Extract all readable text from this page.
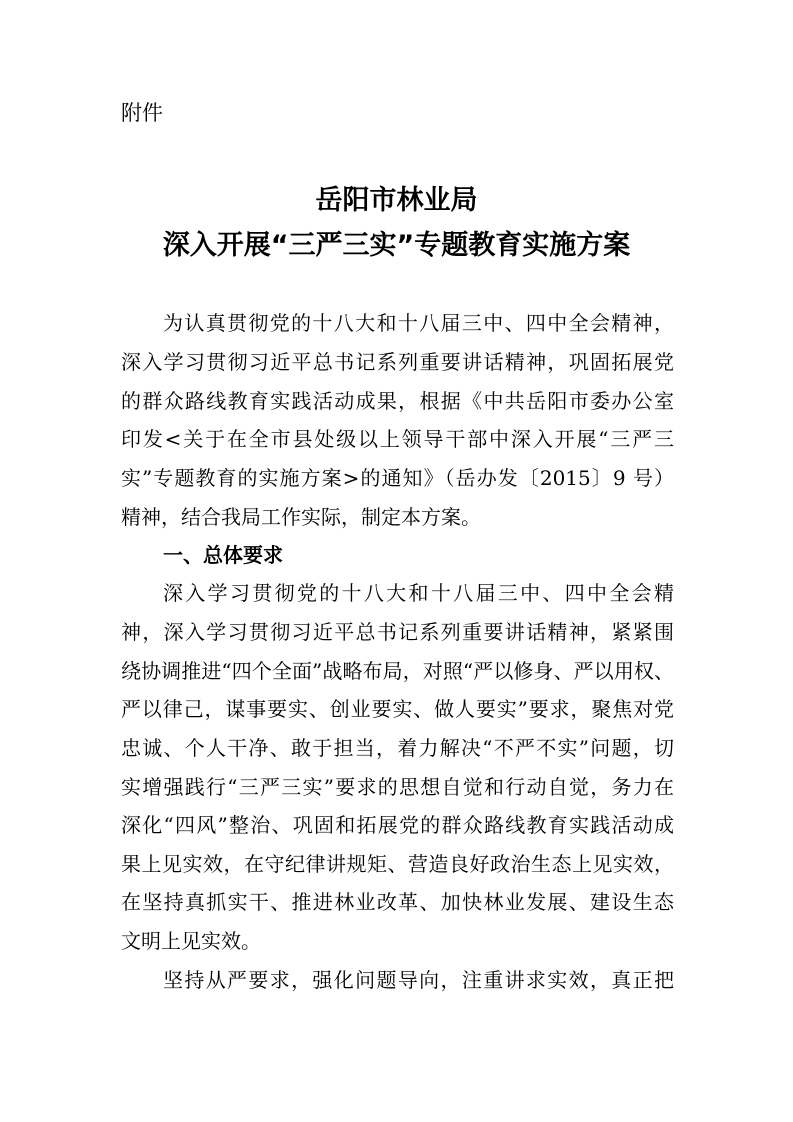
附件
岳阳市林业局
深入开展“三严三实”专题教育实施方案
为认真贯彻党的十八大和十八届三中、四中全会精神，
深入学习贯彻习近平总书记系列重要讲话精神，巩固拓展党
的群众路线教育实践活动成果，根据《中共岳阳市委办公室
印发<关于在全市县处级以上领导干部中深入开展“三严三
实”专题教育的实施方案>的通知》（岳办发〔2015〕9 号）
精神，结合我局工作实际，制定本方案。
一、总体要求
深入学习贯彻党的十八大和十八届三中、四中全会精
神，深入学习贯彻习近平总书记系列重要讲话精神，紧紧围
绕协调推进“四个全面”战略布局，对照“严以修身、严以用权、
严以律己，谋事要实、创业要实、做人要实”要求，聚焦对党
忠诚、个人干净、敢于担当，着力解决“不严不实”问题，切
实增强践行“三严三实”要求的思想自觉和行动自觉，务力在
深化“四风”整治、巩固和拓展党的群众路线教育实践活动成
果上见实效，在守纪律讲规矩、营造良好政治生态上见实效，
在坚持真抓实干、推进林业改革、加快林业发展、建设生态
文明上见实效。
坚持从严要求，强化问题导向，注重讲求实效，真正把
